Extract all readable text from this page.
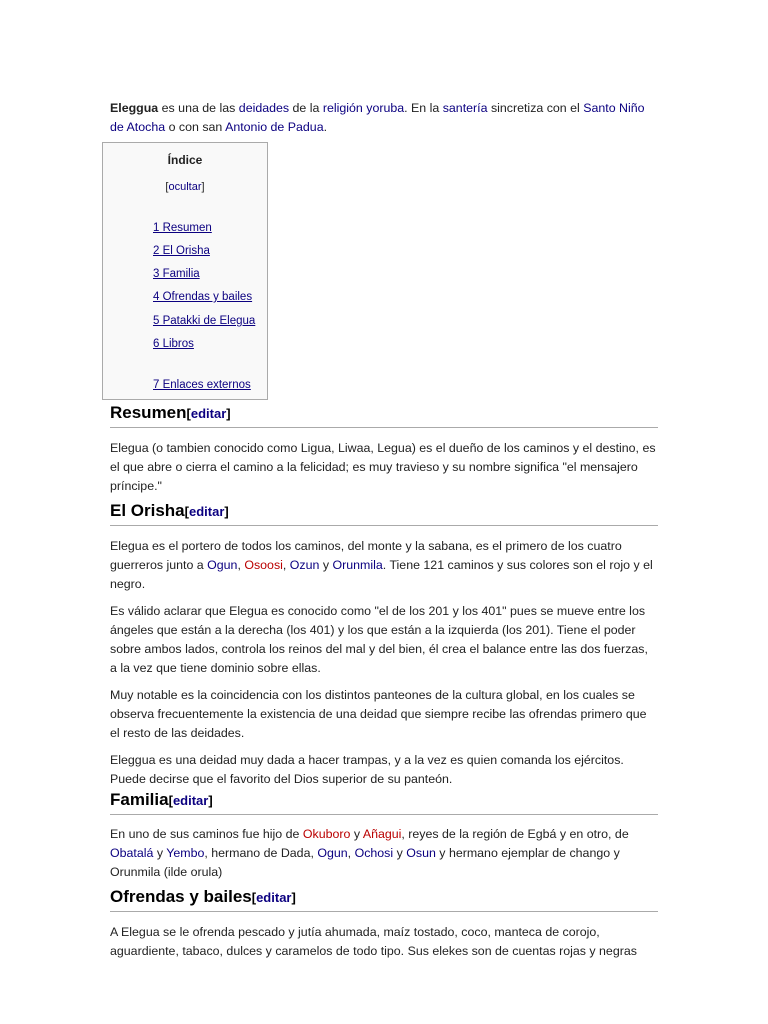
Eleggua es una de las deidades de la religión yoruba. En la santería sincretiza con el Santo Niño de Atocha o con san Antonio de Padua.

Índice
[ocultar]
1 Resumen
2 El Orisha
3 Familia
4 Ofrendas y bailes
5 Patakki de Elegua
6 Libros
7 Enlaces externos
Resumen[editar]

Elegua (o tambien conocido como Ligua, Liwaa, Legua) es el dueño de los caminos y el destino, es el que abre o cierra el camino a la felicidad; es muy travieso y su nombre significa "el mensajero príncipe."

El Orisha[editar]

Elegua es el portero de todos los caminos, del monte y la sabana, es el primero de los cuatro guerreros junto a Ogun, Osoosi, Ozun y Orunmila. Tiene 121 caminos y sus colores son el rojo y el negro.

Es válido aclarar que Elegua es conocido como "el de los 201 y los 401" pues se mueve entre los ángeles que están a la derecha (los 401) y los que están a la izquierda (los 201). Tiene el poder sobre ambos lados, controla los reinos del mal y del bien, él crea el balance entre las dos fuerzas, a la vez que tiene dominio sobre ellas.

Muy notable es la coincidencia con los distintos panteones de la cultura global, en los cuales se observa frecuentemente la existencia de una deidad que siempre recibe las ofrendas primero que el resto de las deidades.

Eleggua es una deidad muy dada a hacer trampas, y a la vez es quien comanda los ejércitos. Puede decirse que el favorito del Dios superior de su panteón.

Familia[editar]

En uno de sus caminos fue hijo de Okuboro y Añagui, reyes de la región de Egbá y en otro, de Obatalá y Yembo, hermano de Dada, Ogun, Ochosi y Osun y hermano ejemplar de chango y Orunmila (ilde orula)

Ofrendas y bailes[editar]

A Elegua se le ofrenda pescado y jutía ahumada, maíz tostado, coco, manteca de corojo, aguardiente, tabaco, dulces y caramelos de todo tipo. Sus elekes son de cuentas rojas y negras
